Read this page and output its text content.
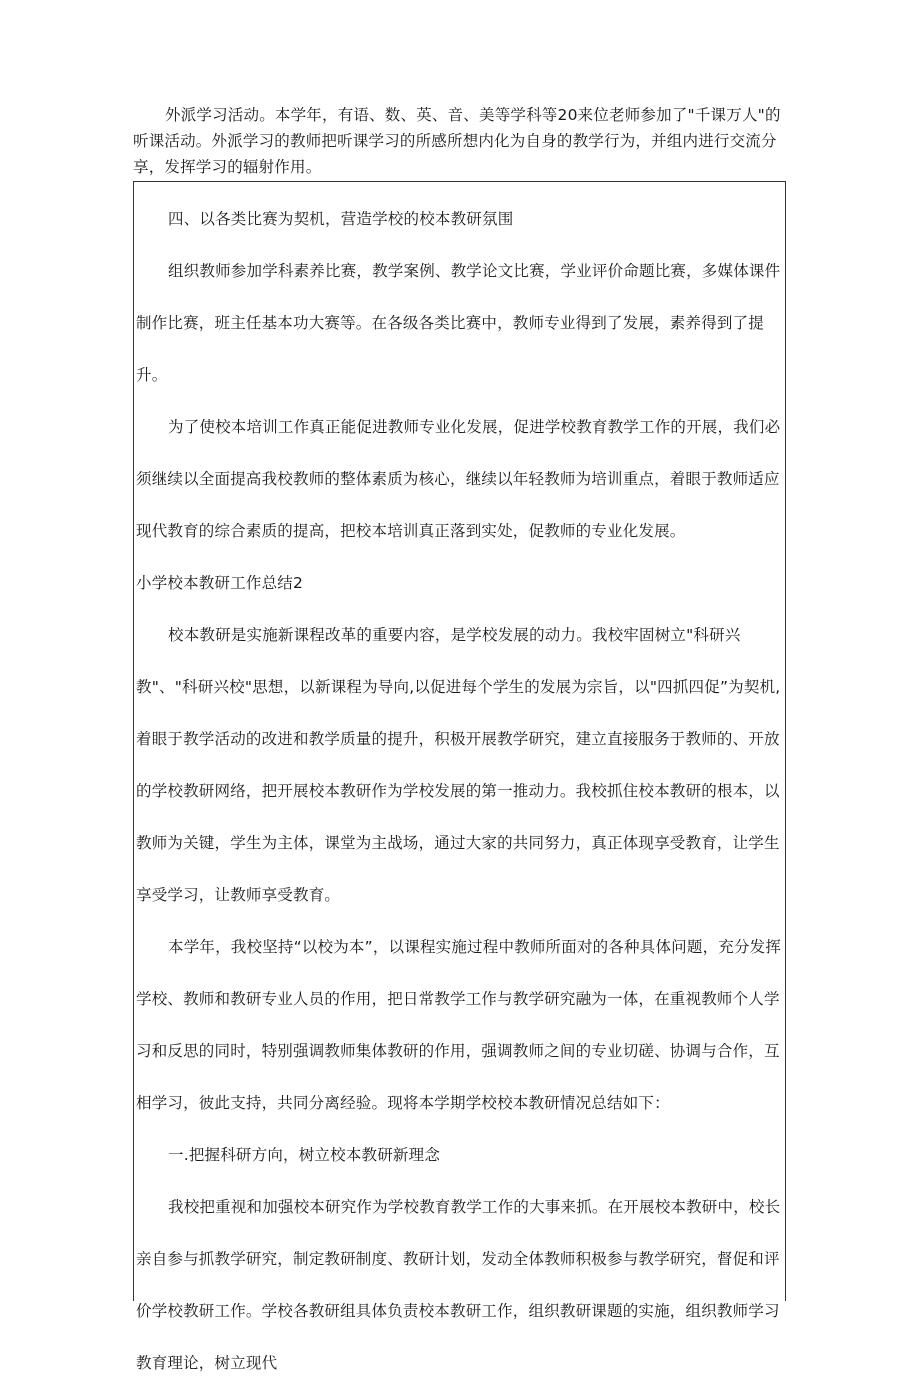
外派学习活动。本学年，有语、数、英、音、美等学科等20来位老师参加了"千课万人"的听课活动。外派学习的教师把听课学习的所感所想内化为自身的教学行为，并组内进行交流分享，发挥学习的辐射作用。

四、以各类比赛为契机，营造学校的校本教研氛围

组织教师参加学科素养比赛，教学案例、教学论文比赛，学业评价命题比赛，多媒体课件制作比赛，班主任基本功大赛等。在各级各类比赛中，教师专业得到了发展，素养得到了提升。

为了使校本培训工作真正能促进教师专业化发展，促进学校教育教学工作的开展，我们必须继续以全面提高我校教师的整体素质为核心，继续以年轻教师为培训重点，着眼于教师适应现代教育的综合素质的提高，把校本培训真正落到实处，促教师的专业化发展。

小学校本教研工作总结2

校本教研是实施新课程改革的重要内容，是学校发展的动力。我校牢固树立"科研兴教"、"科研兴校"思想，以新课程为导向,以促进每个学生的发展为宗旨，以"四抓四促”为契机,着眼于教学活动的改进和教学质量的提升，积极开展教学研究，建立直接服务于教师的、开放的学校教研网络，把开展校本教研作为学校发展的第一推动力。我校抓住校本教研的根本，以教师为关键，学生为主体，课堂为主战场，通过大家的共同努力，真正体现享受教育，让学生享受学习，让教师享受教育。

本学年，我校坚持“以校为本”，以课程实施过程中教师所面对的各种具体问题，充分发挥学校、教师和教研专业人员的作用，把日常教学工作与教学研究融为一体，在重视教师个人学习和反思的同时，特别强调教师集体教研的作用，强调教师之间的专业切磋、协调与合作，互相学习，彼此支持，共同分离经验。现将本学期学校校本教研情况总结如下：

一.把握科研方向，树立校本教研新理念

我校把重视和加强校本研究作为学校教育教学工作的大事来抓。在开展校本教研中，校长亲自参与抓教学研究，制定教研制度、教研计划，发动全体教师积极参与教学研究，督促和评价学校教研工作。学校各教研组具体负责校本教研工作，组织教研课题的实施，组织教师学习教育理论，树立现代
